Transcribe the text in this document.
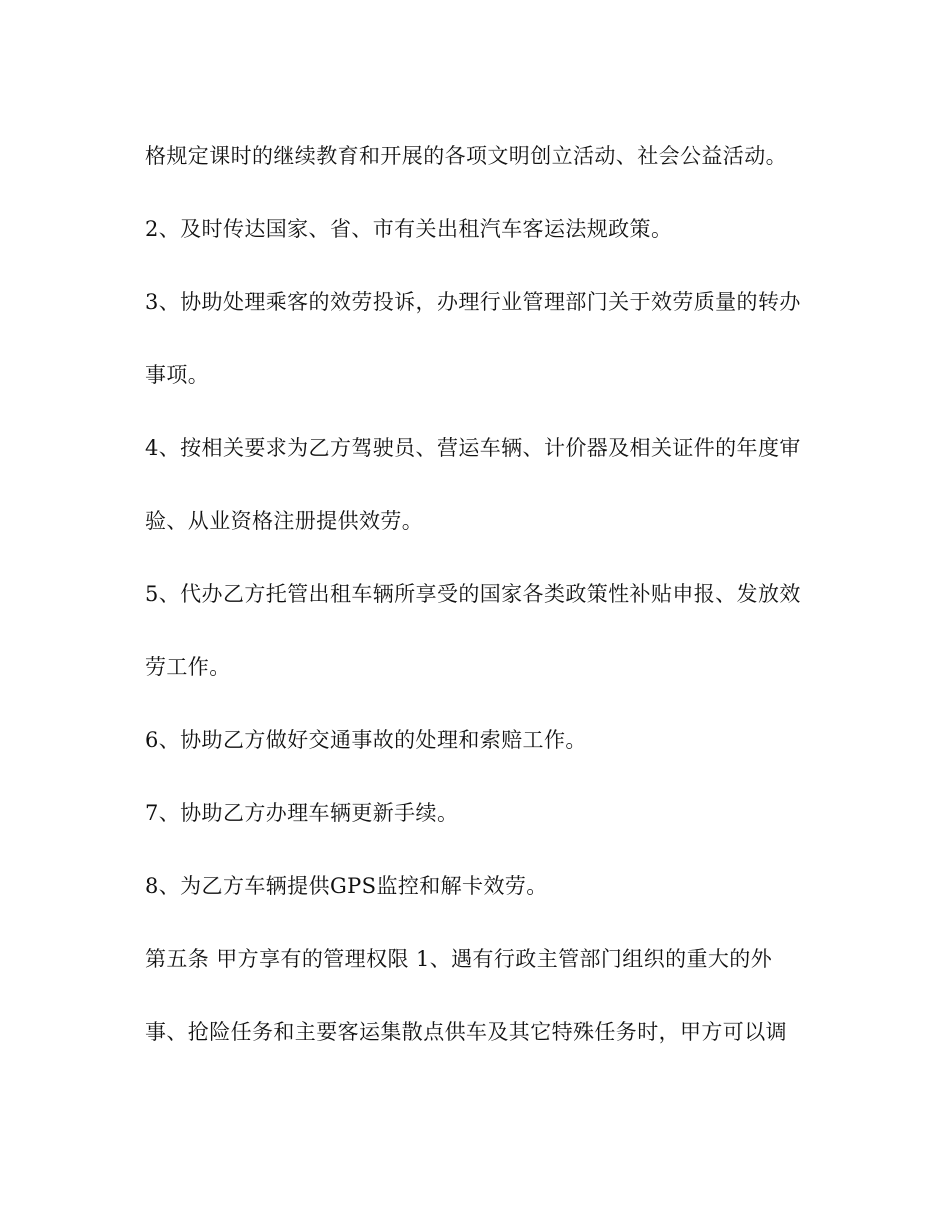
格规定课时的继续教育和开展的各项文明创立活动、社会公益活动。
2、及时传达国家、省、市有关出租汽车客运法规政策。
3、协助处理乘客的效劳投诉，办理行业管理部门关于效劳质量的转办
事项。
4、按相关要求为乙方驾驶员、营运车辆、计价器及相关证件的年度审
验、从业资格注册提供效劳。
5、代办乙方托管出租车辆所享受的国家各类政策性补贴申报、发放效
劳工作。
6、协助乙方做好交通事故的处理和索赔工作。
7、协助乙方办理车辆更新手续。
8、为乙方车辆提供GPS监控和解卡效劳。
第五条 甲方享有的管理权限 1、遇有行政主管部门组织的重大的外
事、抢险任务和主要客运集散点供车及其它特殊任务时，甲方可以调
